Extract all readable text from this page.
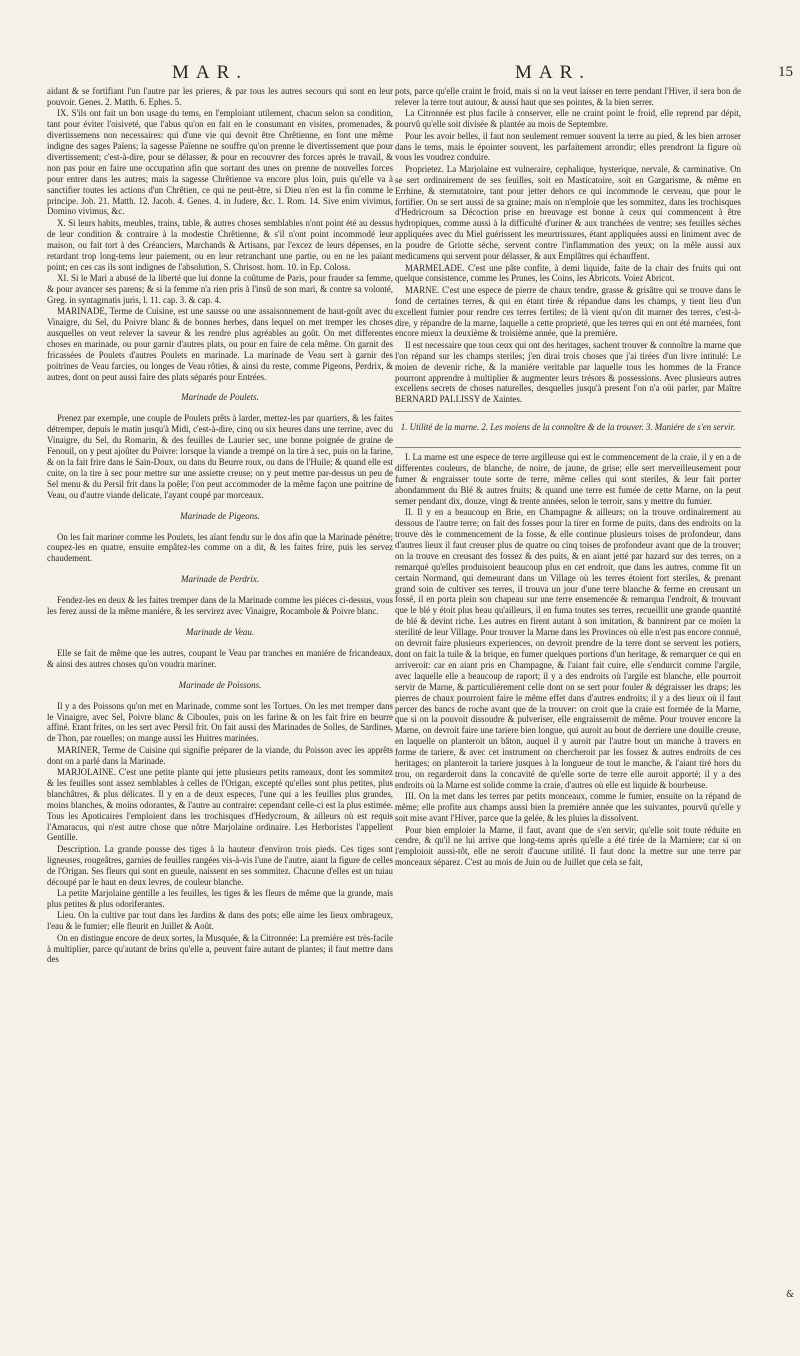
MAR.	MAR.	15

aidant & se fortifiant l'un l'autre par les prieres, & par tous les autres secours qui sont en leur pouvoir. Genes. 2. Matth. 6. Ephes. 5.

IX. S'ils ont fait un bon usage du tems, en l'emploiant utilement, chacun selon sa condition, tant pour éviter l'oisiveté, que l'abus qu'on en fait en le consumant en visites, promenades, & divertissemens non necessaires: qui d'une vie qui devoit être Chrêtienne, en font une même indigne des sages Païens; la sagesse Païenne ne souffre qu'on prenne le divertissement que pour divertissement; c'est-à-dire, pour se délasser, & pour en recouvrer des forces après le travail, & non pas pour en faire une occupation afin que sortant des unes on prenne de nouvelles forces pour entrer dans les autres; mais la sagesse Chrêtienne va encore plus loin, puis qu'elle va à sanctifier toutes les actions d'un Chrêtien, ce qui ne peut-être, si Dieu n'en est la fin comme le principe. Job. 21. Matth. 12. Jacob. 4. Genes. 4. in Judere, &c. 1. Rom. 14. Sive enim vivimus, Domino vivimus, &c.

X. Si leurs habits, meubles, trains, table, & autres choses semblables n'ont point été au dessus de leur condition & contraire à la modestie Chrêtienne, & s'il n'ont point incommodé leur maison, ou fait tort à des Créanciers, Marchands & Artisans, par l'excez de leurs dépenses, en retardant trop long-tems leur paiement, ou en leur retranchant une partie, ou en ne les païant point; en ces cas ils sont indignes de l'absolution, S. Chrisost. hom. 10. in Ep. Coloss.

XI. Si le Mari a abusé de la liberté que lui donne la coûtume de Paris, pour frauder sa femme, & pour avancer ses parens; & si la femme n'a rien pris à l'insû de son mari, & contre sa volonté, Greg. in syntagmatis juris, l. 11. cap. 3. & cap. 4.

MARINADE, Terme de Cuisine, est une sausse ou une assaisonnement de haut-goût avec du Vinaigre, du Sel, du Poivre blanc & de bonnes herbes, dans lequel on met tremper les choses ausquelles on veut relever la saveur & les rendre plus agréables au goût. On met differentes choses en marinade, ou pour garnir d'autres plats, ou pour en faire de cela même. On garnit des fricassées de Poulets d'autres Poulets en marinade. La marinade de Veau sert à garnir des poitrines de Veau farcies, ou longes de Veau rôties, & ainsi du reste, comme Pigeons, Perdrix, & autres, dont on peut aussi faire des plats séparés pour Entrées.

Marinade de Poulets.

Prenez par exemple, une couple de Poulets prêts à larder, mettez-les par quartiers, & les faites détremper, depuis le matin jusqu'à Midi, c'est-à-dire, cinq ou six heures dans une terrine, avec du Vinaigre, du Sel, du Romarin, & des feuilles de Laurier sec, une bonne poignée de graine de Fenouil, on y peut ajoûter du Poivre: lorsque la viande a trempé on la tire à sec, puis on la farine, & on la fait frire dans le Sain-Doux, ou dans du Beurre roux, ou dans de l'Huile; & quand elle est cuite, on la tire à sec pour mettre sur une assiette creuse; on y peut mettre par-dessus un peu de Sel menu & du Persil frit dans la poêle; l'on peut accommoder de la même façon une poitrine de Veau, ou d'autre viande delicate, l'ayant coupé par morceaux.

Marinade de Pigeons.

On les fait mariner comme les Poulets, les aïant fendu sur le dos afin que la Marinade pénétre; coupez-les en quatre, ensuite empâtez-les comme on a dit, & les faites frire, puis les servez chaudement.

Marinade de Perdrix.

Fendez-les en deux & les faites tremper dans de la Marinade comme les piéces ci-dessus, vous les ferez aussi de la même maniére, & les servirez avec Vinaigre, Rocambole & Poivre blanc.

Marinade de Veau.

Elle se fait de même que les autres, coupant le Veau par tranches en maniére de fricandeaux, & ainsi des autres choses qu'on voudra mariner.

Marinade de Poissons.

Il y a des Poissons qu'on met en Marinade, comme sont les Tortues. On les met tremper dans le Vinaigre, avec Sel, Poivre blanc & Ciboules, puis on les farine & on les fait frire en beurre affiné. Etant frites, on les sert avec Persil frit. On fait aussi des Marinades de Solles, de Sardines, de Thon, par rouelles; on mange aussi les Huitres marinées.

MARINER, Terme de Cuisine qui signifie préparer de la viande, du Poisson avec les apprêts dont on a parlé dans la Marinade.

MARJOLAINE. C'est une petite plante qui jette plusieurs petits rameaux, dont les sommitez & les feuilles sont assez semblables à celles de l'Origan, excepté qu'elles sont plus petites, plus blanchâtres, & plus délicates. Il y en a de deux especes, l'une qui a les feuilles plus grandes, moins blanches, & moins odorantes, & l'autre au contraire: cependant celle-ci est la plus estimée. Tous les Apoticaires l'emploient dans les trochisques d'Hedycroum, & ailleurs où est requis l'Amaracus, qui n'est autre chose que nôtre Marjolaine ordinaire. Les Herboristes l'appellent Gentille.

Description. La grande pousse des tiges à la hauteur d'environ trois pieds. Ces tiges sont ligneuses, rougeâtres, garnies de feuilles rangées vis-à-vis l'une de l'autre, aiant la figure de celles de l'Origan. Ses fleurs qui sont en gueule, naissent en ses sommitez. Chacune d'elles est un tuiau découpé par le haut en deux levres, de couleur blanche.

La petite Marjolaine gentille a les feuilles, les tiges & les fleurs de même que la grande, mais plus petites & plus odoriferantes.

Lieu. On la cultive par tout dans les Jardins & dans des pots; elle aime les lieux ombrageux, l'eau & le fumier; elle fleurit en Juillet & Août.

On en distingue encore de deux sortes, la Musquée, & la Citronnée: La premiére est très-facile à multiplier, parce qu'autant de brins qu'elle a, peuvent faire autant de plantes; il faut mettre dans des

pots, parce qu'elle craint le froid, mais si on la veut laisser en terre pendant l'Hiver, il sera bon de relever la terre tout autour, & aussi haut que ses pointes, & la bien serrer.

La Citronnée est plus facile à conserver, elle ne craint point le froid, elle reprend par dépit, pourvû qu'elle soit divisée & plantée au mois de Septembre.

Pour les avoir belles, il faut non seulement remuer souvent la terre au pied, & les bien arroser dans le tems, mais le épointer souvent, les parfaitement arrondir; elles prendront la figure où vous les voudrez conduire.

Proprietez. La Marjolaine est vulneraire, cephalique, hysterique, nervale, & carminative. On se sert ordinairement de ses feuilles, soit en Masticatoire, soit en Gargarisme, & même en Errhine, & sternutatoire, tant pour jetter dehors ce qui incommode le cerveau, que pour le fortifier. On se sert aussi de sa graine; mais on n'emploie que les sommitez, dans les trochisques d'Hedricroum sa Décoction prise en breuvage est bonne à ceux qui commencent à être hydropiques, comme aussi à la difficulté d'uriner & aux tranchées de ventre; ses feuilles séches appliquées avec du Miel guérissent les meurtrissures, étant appliquées aussi en liniment avec de la poudre de Griotte séche, servent contre l'inflammation des yeux; on la mêle aussi aux medicamens qui servent pour délasser, & aux Emplâtres qui échauffent.

MARMELADE. C'est une pâte confite, à demi liquide, faite de la chair des fruits qui ont quelque consistence, comme les Prunes, les Coins, les Abricots. Voiez Abricot.

MARNE. C'est une espece de pierre de chaux tendre, grasse & grisâtre qui se trouve dans le fond de certaines terres, & qui en étant tirée & répandue dans les champs, y tient lieu d'un excellent fumier pour rendre ces terres fertiles; de là vient qu'on dit marner des terres, c'est-à-dire, y répandre de la marne, laquelle a cette proprieté, que les terres qui en ont été marnées, font encore mieux la deuxième & troisième année, que la premiére.

Il est necessaire que tous ceux qui ont des heritages, sachent trouver & connoître la marne que l'on répand sur les champs steriles; j'en dirai trois choses que j'ai tirées d'un livre intitulé: Le moien de devenir riche, & la maniére veritable par laquelle tous les hommes de la France pourront apprendre à multiplier & augmenter leurs trésors & possessions. Avec plusieurs autres excellens secrets de choses naturelles, desquelles jusqu'à present l'on n'a oüi parler, par Maître BERNARD PALLISSY de Xaintes.

1. Utilité de la marne. 2. Les moiens de la connoître & de la trouver. 3. Maniére de s'en servir.

I. La marne est une espece de terre argilleuse qui est le commencement de la craie, il y en a de differentes couleurs, de blanche, de noire, de jaune, de grise; elle sert merveilleusement pour fumer & engraisser toute sorte de terre, même celles qui sont steriles, & leur fait porter abondamment du Blé & autres fruits; & quand une terre est fumée de cette Marne, on la peut semer pendant dix, douze, vingt & trente années, selon le terroir, sans y mettre du fumier.

II. Il y en a beaucoup en Brie, en Champagne & ailleurs; on la trouve ordinairement au dessous de l'autre terre; on fait des fosses pour la tirer en forme de puits, dans des endroits on la trouve dès le commencement de la fosse, & elle continue plusieurs toises de profondeur, dans d'autres lieux il faut creuser plus de quatre ou cinq toises de profondeur avant que de la trouver; on la trouve en creusant des fossez & des puits, & en aiant jetté par hazard sur des terres, on a remarqué qu'elles produisoient beaucoup plus en cet endroit, que dans les autres, comme fit un certain Normand, qui demeurant dans un Village où les terres étoient fort steriles, & prenant grand soin de cultiver ses terres, il trouva un jour d'une terre blanche & ferme en creusant un fossé, il en porta plein son chapeau sur une terre ensemencée & remarqua l'endroit, & trouvant que le blé y étoit plus beau qu'ailleurs, il en fuma toutes ses terres, recueillit une grande quantité de blé & devint riche. Les autres en firent autant à son imitation, & bannirent par ce moïen la sterilité de leur Village. Pour trouver la Marne dans les Provinces où elle n'est pas encore connuë, on devroit faire plusieurs experiences, on devroit prendre de la terre dont se servent les potiers, dont on fait la tuile & la brique, en fumer quelques portions d'un heritage, & remarquer ce qui en arriveroit: car en aiant pris en Champagne, & l'aiant fait cuire, elle s'endurcit comme l'argile, avec laquelle elle a beaucoup de raport; il y a des endroits où l'argile est blanche, elle pourroit servir de Marne, & particuliérement celle dont on se sert pour fouler & dégraisser les draps; les pierres de chaux pourroient faire le même effet dans d'autres endroits; il y a des lieux où il faut percer des bancs de roche avant que de la trouver: on croit que la craie est formée de la Marne, que si on la pouvoit dissoudre & pulveriser, elle engraisseroit de même. Pour trouver encore la Marne, on devroit faire une tariere bien longue, qui auroit au bout de derriere une douille creuse, en laquelle on planteroit un bâton, auquel il y auroit par l'autre bout un manche à travers en forme de tariere, & avec cet instrument on chercheroit par les fossez & autres endroits de ces heritages; on planteroit la tariere jusques à la longueur de tout le manche, & l'aiant tiré hors du trou, on regarderoit dans la concavité de qu'elle sorte de terre elle auroit apporté; il y a des endroits où la Marne est solide comme la craie, d'autres où elle est liquide & bourbeuse.

III. On la met dans les terres par petits monceaux, comme le fumier, ensuite on la répand de même; elle profite aux champs aussi bien la premiére année que les suivantes, pourvû qu'elle y soit mise avant l'Hiver, parce que la gelée, & les pluies la dissolvent.

Pour bien emploier la Marne, il faut, avant que de s'en servir, qu'elle soit toute réduite en cendre, & qu'il ne lui arrive que long-tems après qu'elle a été tirée de la Marniere; car si on l'emploioit aussi-tôt, elle ne seroit d'aucune utilité. Il faut donc la mettre sur une terre par monceaux séparez. C'est au mois de Juin ou de Juillet que cela se fait,

&
